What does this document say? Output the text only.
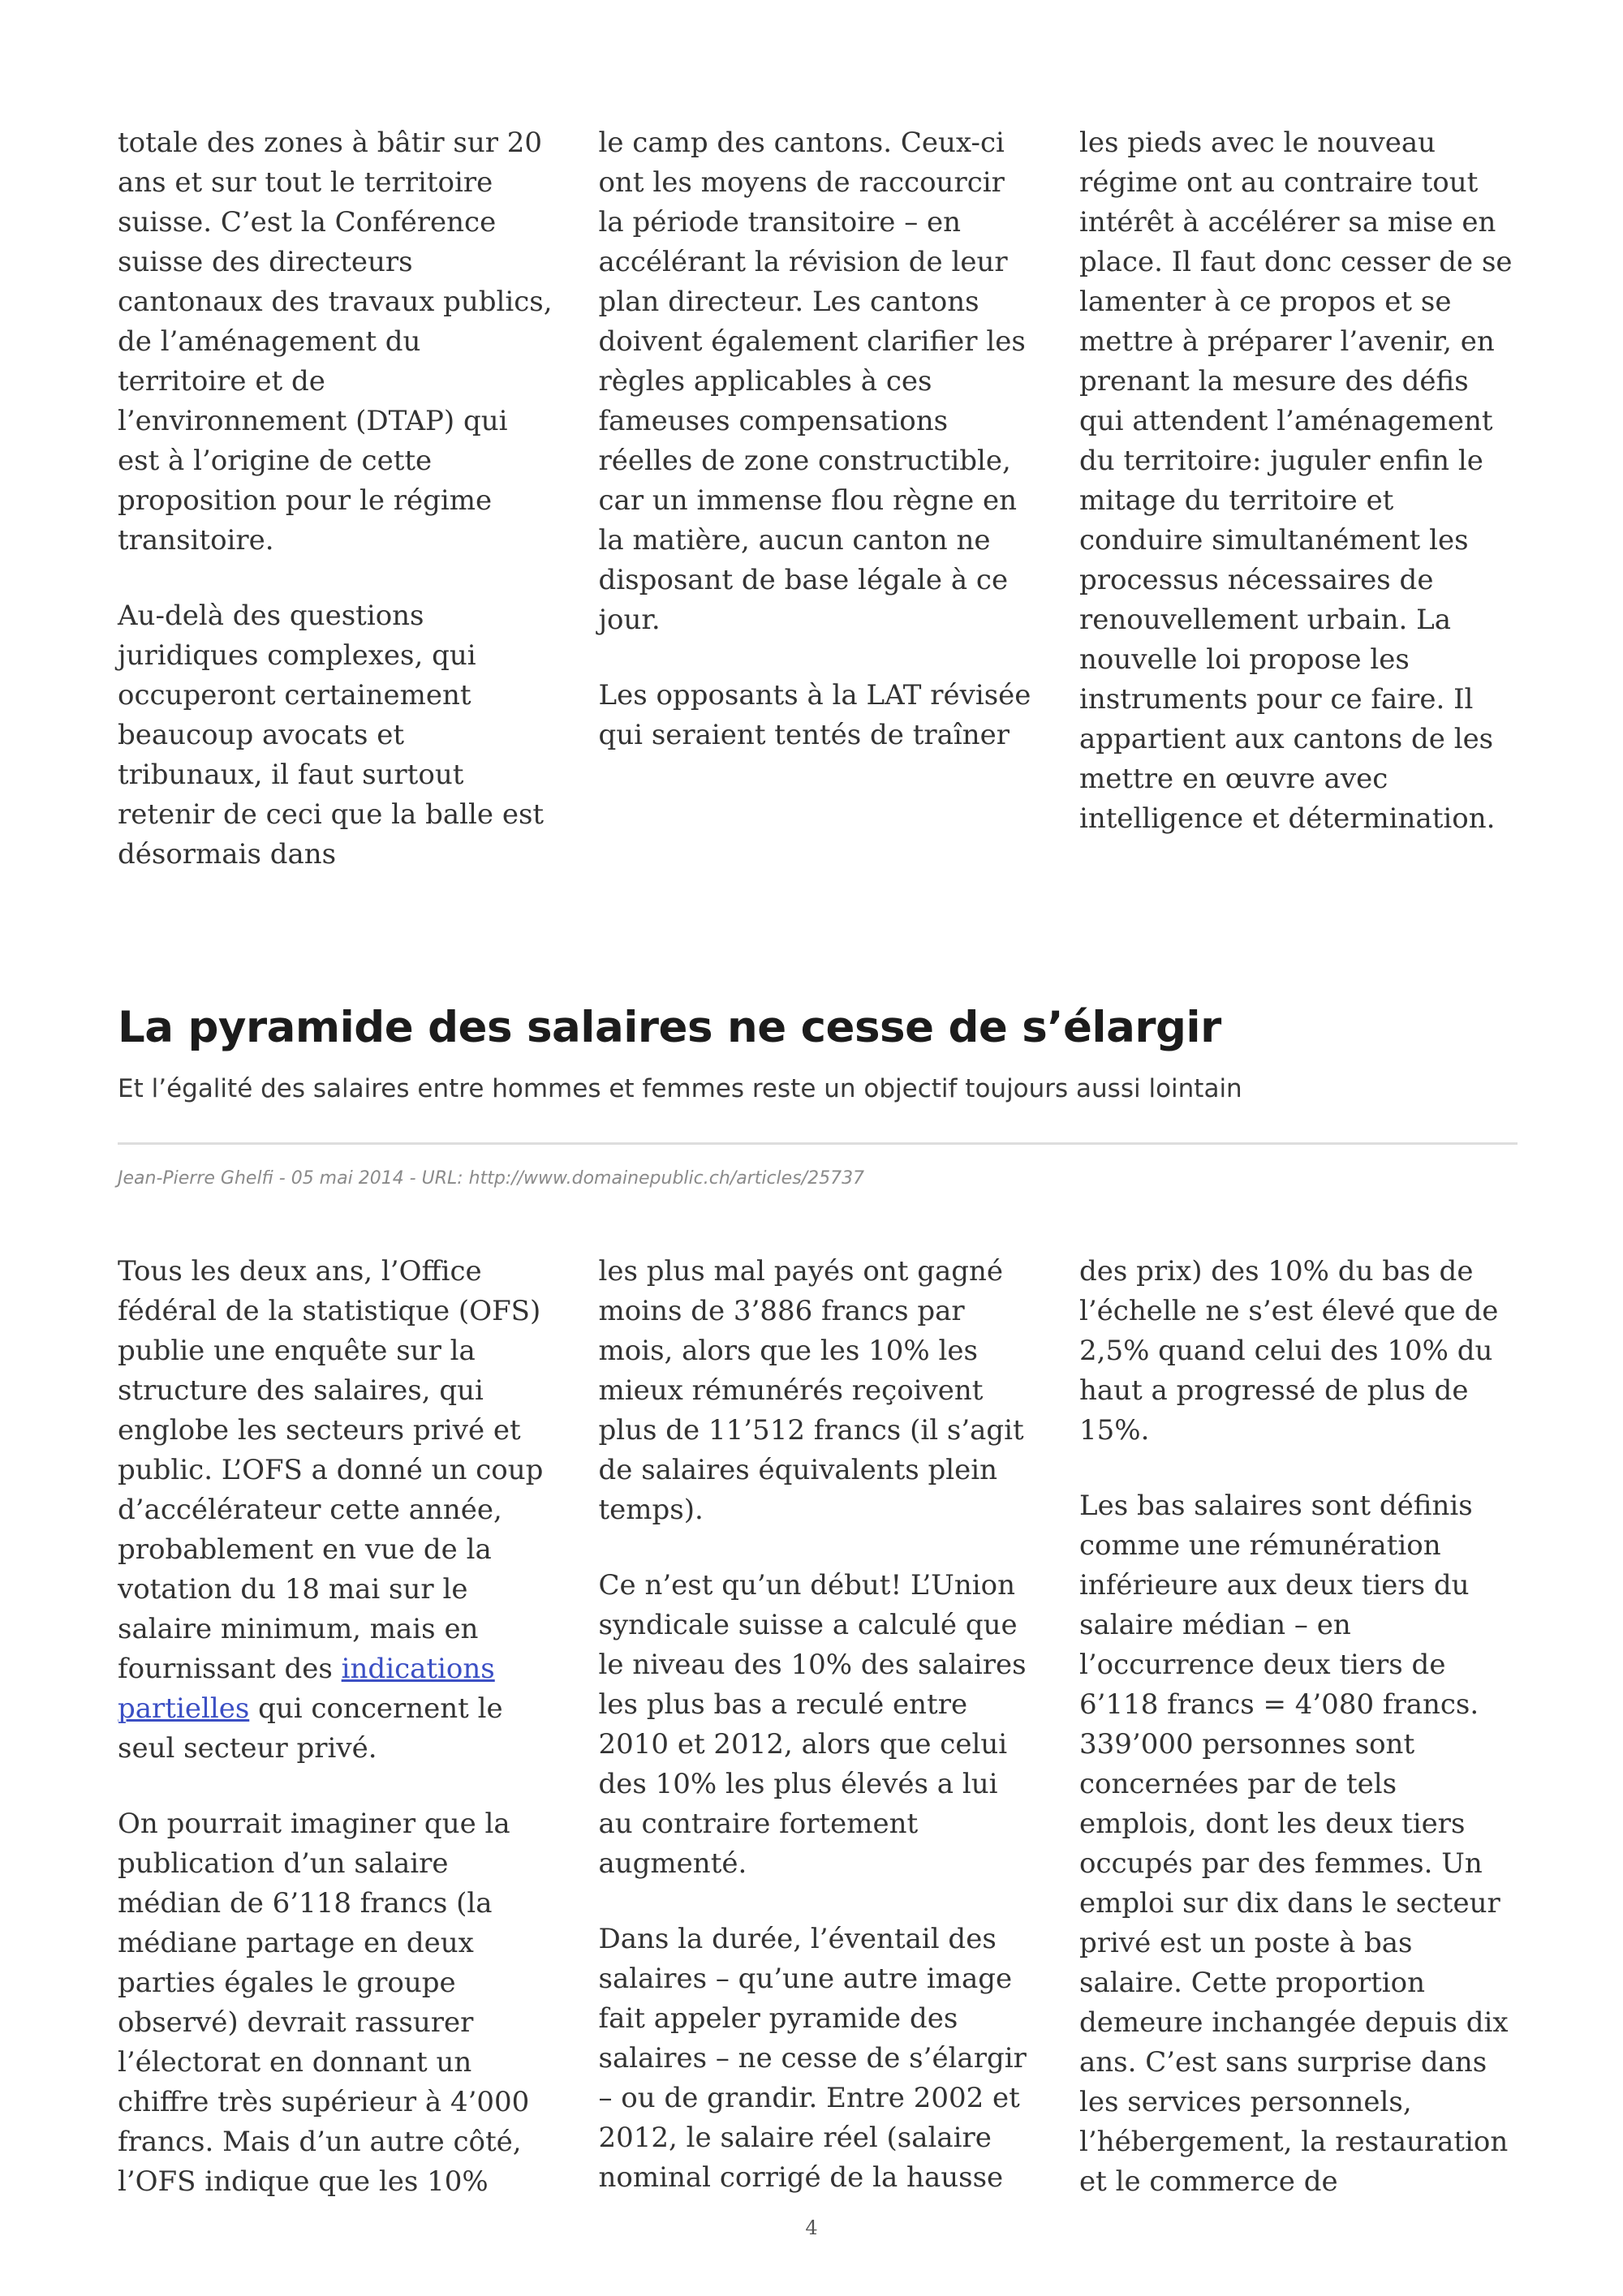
totale des zones à bâtir sur 20 ans et sur tout le territoire suisse. C’est la Conférence suisse des directeurs cantonaux des travaux publics, de l’aménagement du territoire et de l’environnement (DTAP) qui est à l’origine de cette proposition pour le régime transitoire.

Au-delà des questions juridiques complexes, qui occuperont certainement beaucoup avocats et tribunaux, il faut surtout retenir de ceci que la balle est désormais dans

le camp des cantons. Ceux-ci ont les moyens de raccourcir la période transitoire – en accélérant la révision de leur plan directeur. Les cantons doivent également clarifier les règles applicables à ces fameuses compensations réelles de zone constructible, car un immense flou règne en la matière, aucun canton ne disposant de base légale à ce jour.

Les opposants à la LAT révisée qui seraient tentés de traîner

les pieds avec le nouveau régime ont au contraire tout intérêt à accélérer sa mise en place. Il faut donc cesser de se lamenter à ce propos et se mettre à préparer l’avenir, en prenant la mesure des défis qui attendent l’aménagement du territoire: juguler enfin le mitage du territoire et conduire simultanément les processus nécessaires de renouvellement urbain. La nouvelle loi propose les instruments pour ce faire. Il appartient aux cantons de les mettre en œuvre avec intelligence et détermination.

La pyramide des salaires ne cesse de s’élargir

Et l’égalité des salaires entre hommes et femmes reste un objectif toujours aussi lointain

Jean-Pierre Ghelfi - 05 mai 2014 - URL: http://www.domainepublic.ch/articles/25737

Tous les deux ans, l’Office fédéral de la statistique (OFS) publie une enquête sur la structure des salaires, qui englobe les secteurs privé et public. L’OFS a donné un coup d’accélérateur cette année, probablement en vue de la votation du 18 mai sur le salaire minimum, mais en fournissant des indications partielles qui concernent le seul secteur privé.

On pourrait imaginer que la publication d’un salaire médian de 6’118 francs (la médiane partage en deux parties égales le groupe observé) devrait rassurer l’électorat en donnant un chiffre très supérieur à 4’000 francs. Mais d’un autre côté, l’OFS indique que les 10%

les plus mal payés ont gagné moins de 3’886 francs par mois, alors que les 10% les mieux rémunérés reçoivent plus de 11’512 francs (il s’agit de salaires équivalents plein temps).

Ce n’est qu’un début! L’Union syndicale suisse a calculé que le niveau des 10% des salaires les plus bas a reculé entre 2010 et 2012, alors que celui des 10% les plus élevés a lui au contraire fortement augmenté.

Dans la durée, l’éventail des salaires – qu’une autre image fait appeler pyramide des salaires – ne cesse de s’élargir – ou de grandir. Entre 2002 et 2012, le salaire réel (salaire nominal corrigé de la hausse

des prix) des 10% du bas de l’échelle ne s’est élevé que de 2,5% quand celui des 10% du haut a progressé de plus de 15%.

Les bas salaires sont définis comme une rémunération inférieure aux deux tiers du salaire médian – en l’occurrence deux tiers de 6’118 francs = 4’080 francs. 339’000 personnes sont concernées par de tels emplois, dont les deux tiers occupés par des femmes. Un emploi sur dix dans le secteur privé est un poste à bas salaire. Cette proportion demeure inchangée depuis dix ans. C’est sans surprise dans les services personnels, l’hébergement, la restauration et le commerce de

4
